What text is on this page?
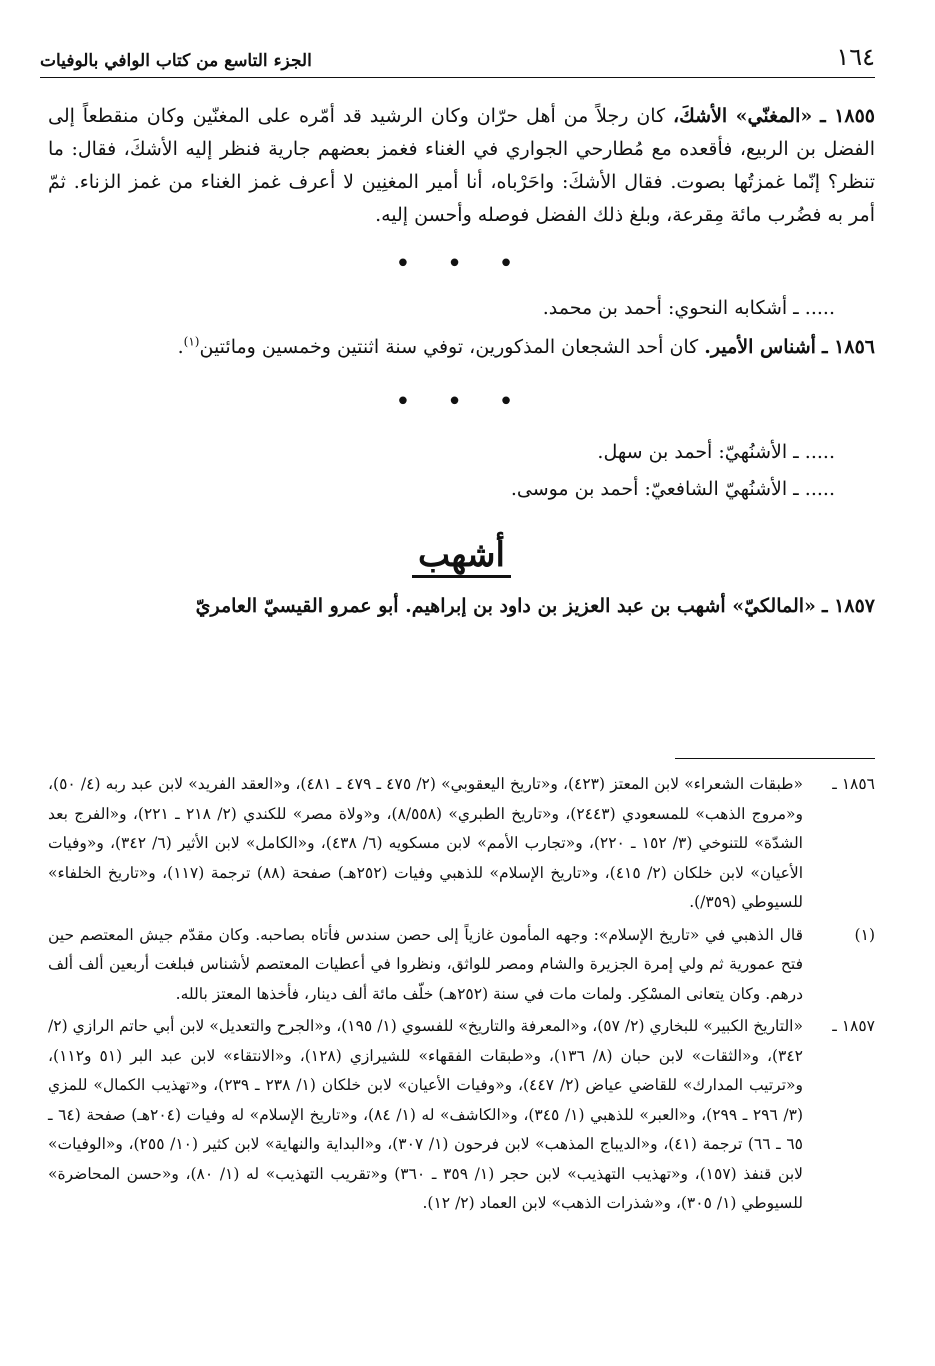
١٦٤
الجزء التاسع من كتاب الوافي بالوفيات

١٨٥٥ ـ «المغنّي» الأشكَ، كان رجلاً من أهل حرّان وكان الرشيد قد أمّره على المغنّين وكان منقطعاً إلى الفضل بن الربيع، فأقعده مع مُطارحي الجواري في الغناء فغمز بعضهم جارية فنظر إليه الأشكَ، فقال: ما تنظر؟ إنّما غمزتُها بصوت. فقال الأشكَ: واحَرْباه، أنا أمير المغنِين لا أعرف غمز الغناء من غمز الزناء. ثمّ أمر به فضُرب مائة مِقرعة، وبلغ ذلك الفضل فوصله وأحسن إليه.

• • •

..... ـ أشكابه النحوي: أحمد بن محمد.

١٨٥٦ ـ أشناس الأمير. كان أحد الشجعان المذكورين، توفي سنة اثنتين وخمسين ومائتين$^{(١)}$.

• • •

..... ـ الأشنُهيّ: أحمد بن سهل.

..... ـ الأشنُهيّ الشافعيّ: أحمد بن موسى.

أشهب

١٨٥٧ ـ «المالكيّ» أشهب بن عبد العزيز بن داود بن إبراهيم. أبو عمرو القيسيّ العامريّ

١٨٥٦ ـ
«طبقات الشعراء» لابن المعتز (٤٢٣)، و«تاريخ اليعقوبي» (٢/ ٤٧٥ ـ ٤٧٩ ـ ٤٨١)، و«العقد الفريد» لابن عبد ربه (٤/ ٥٠)، و«مروج الذهب» للمسعودي (٢٤٤٣)، و«تاريخ الطبري» (٨/٥٥٨)، و«ولاة مصر» للكندي (٢/ ٢١٨ ـ ٢٢١)، و«الفرج بعد الشدّة» للتنوخي (٣/ ١٥٢ ـ ٢٢٠)، و«تجارب الأمم» لابن مسكويه (٦/ ٤٣٨)، و«الكامل» لابن الأثير (٦/ ٣٤٢)، و«وفيات الأعيان» لابن خلكان (٢/ ٤١٥)، و«تاريخ الإسلام» للذهبي وفيات (٢٥٢هـ) صفحة (٨٨) ترجمة (١١٧)، و«تاريخ الخلفاء» للسيوطي (٣٥٩/).
(١)
قال الذهبي في «تاريخ الإسلام»: وجهه المأمون غازياً إلى حصن سندس فأتاه بصاحبه. وكان مقدّم جيش المعتصم حين فتح عمورية ثم ولي إمرة الجزيرة والشام ومصر للواثق، ونظروا في أعطيات المعتصم لأشناس فبلغت أربعين ألف ألف درهم. وكان يتعانى المسْكِر. ولمات مات في سنة (٢٥٢هـ) خلّف مائة ألف دينار، فأخذها المعتز بالله.
١٨٥٧ ـ
«التاريخ الكبير» للبخاري (٢/ ٥٧)، و«المعرفة والتاريخ» للفسوي (١/ ١٩٥)، و«الجرح والتعديل» لابن أبي حاتم الرازي (٢/ ٣٤٢)، و«الثقات» لابن حبان (٨/ ١٣٦)، و«طبقات الفقهاء» للشيرازي (١٢٨)، و«الانتقاء» لابن عبد البر (٥١ و١١٢)، و«ترتيب المدارك» للقاضي عياض (٢/ ٤٤٧)، و«وفيات الأعيان» لابن خلكان (١/ ٢٣٨ ـ ٢٣٩)، و«تهذيب الكمال» للمزي (٣/ ٢٩٦ ـ ٢٩٩)، و«العبر» للذهبي (١/ ٣٤٥)، و«الكاشف» له (١/ ٨٤)، و«تاريخ الإسلام» له وفيات (٢٠٤هـ) صفحة (٦٤ ـ ٦٥ ـ ٦٦) ترجمة (٤١)، و«الديباج المذهب» لابن فرحون (١/ ٣٠٧)، و«البداية والنهاية» لابن كثير (١٠/ ٢٥٥)، و«الوفيات» لابن قنفذ (١٥٧)، و«تهذيب التهذيب» لابن حجر (١/ ٣٥٩ ـ ٣٦٠) و«تقريب التهذيب» له (١/ ٨٠)، و«حسن المحاضرة» للسيوطي (١/ ٣٠٥)، و«شذرات الذهب» لابن العماد (٢/ ١٢).
